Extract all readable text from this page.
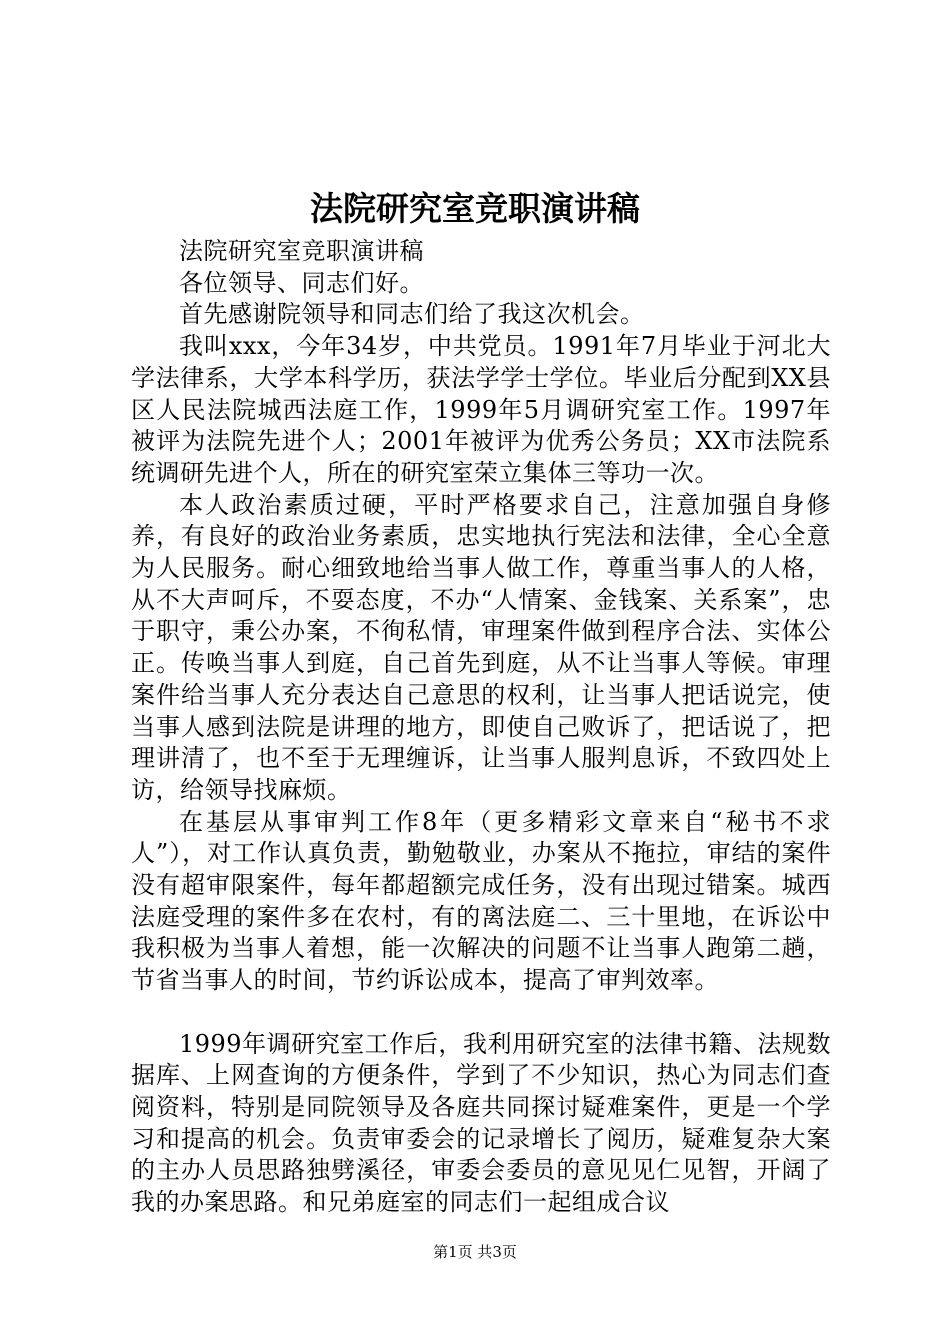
法院研究室竞职演讲稿

法院研究室竞职演讲稿

各位领导、同志们好。

首先感谢院领导和同志们给了我这次机会。

我叫xxx，今年34岁，中共党员。1991年7月毕业于河北大学法律系，大学本科学历，获法学学士学位。毕业后分配到XX县区人民法院城西法庭工作，1999年5月调研究室工作。1997年被评为法院先进个人；2001年被评为优秀公务员；XX市法院系统调研先进个人，所在的研究室荣立集体三等功一次。

本人政治素质过硬，平时严格要求自己，注意加强自身修养，有良好的政治业务素质，忠实地执行宪法和法律，全心全意为人民服务。耐心细致地给当事人做工作，尊重当事人的人格，从不大声呵斥，不耍态度，不办“人情案、金钱案、关系案”，忠于职守，秉公办案，不徇私情，审理案件做到程序合法、实体公正。传唤当事人到庭，自己首先到庭，从不让当事人等候。审理案件给当事人充分表达自己意思的权利，让当事人把话说完，使当事人感到法院是讲理的地方，即使自己败诉了，把话说了，把理讲清了，也不至于无理缠诉，让当事人服判息诉，不致四处上访，给领导找麻烦。

在基层从事审判工作8年（更多精彩文章来自“秘书不求人”），对工作认真负责，勤勉敬业，办案从不拖拉，审结的案件没有超审限案件，每年都超额完成任务，没有出现过错案。城西法庭受理的案件多在农村，有的离法庭二、三十里地，在诉讼中我积极为当事人着想，能一次解决的问题不让当事人跑第二趟，节省当事人的时间，节约诉讼成本，提高了审判效率。

1999年调研究室工作后，我利用研究室的法律书籍、法规数据库、上网查询的方便条件，学到了不少知识，热心为同志们查阅资料，特别是同院领导及各庭共同探讨疑难案件，更是一个学习和提高的机会。负责审委会的记录增长了阅历，疑难复杂大案的主办人员思路独劈溪径，审委会委员的意见见仁见智，开阔了我的办案思路。和兄弟庭室的同志们一起组成合议

第1页 共3页
